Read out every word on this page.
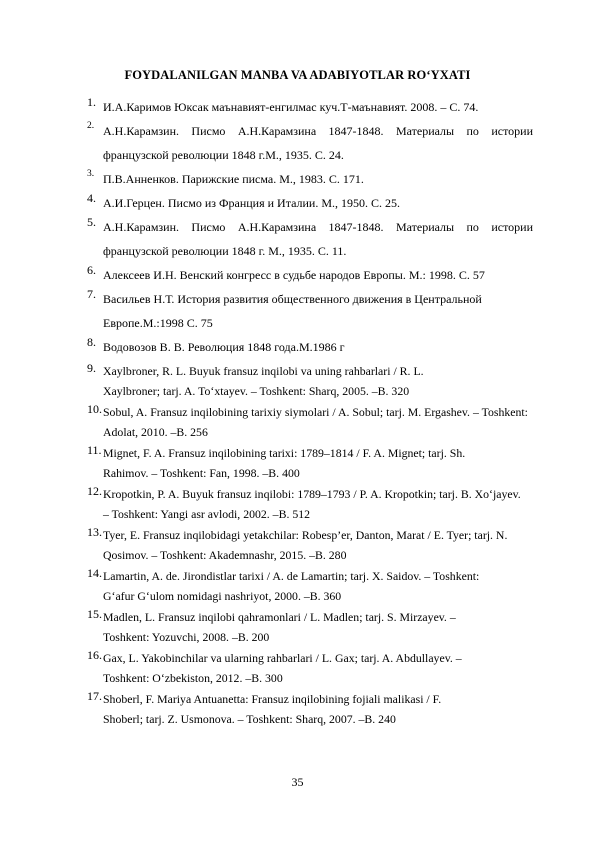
FOYDALANILGAN MANBA VA ADABIYOTLAR RO‘YXATI
1. И.А.Каримов Юксак маънавият-енгилмас куч.Т-маънавият. 2008. – С. 74.
2. А.Н.Карамзин. Писмо А.Н.Карамзина 1847-1848. Материалы по истории французской революции 1848 г.М., 1935. С. 24.
3. П.В.Анненков. Парижские писма. М., 1983. С. 171.
4. А.И.Герцен. Писмо из Франция и Италии. М., 1950. С. 25.
5. А.Н.Карамзин. Писмо А.Н.Карамзина 1847-1848. Материалы по истории французской революции 1848 г. М., 1935. С. 11.
6. Алексеев И.Н. Венский конгресс в судьбе народов Европы. М.: 1998. С. 57
7. Васильев Н.Т. История развития общественного движения в Центральной Европе.М.:1998 С. 75
8. Водовозов В. В. Революция 1848 года.М.1986 г
9. Xaylbroner, R. L. Buyuk fransuz inqilobi va uning rahbarlari / R. L. Xaylbroner; tarj. A. To‘xtayev. – Toshkent: Sharq, 2005. –B. 320
10. Sobul, A. Fransuz inqilobining tarixiy siymolari / A. Sobul; tarj. M. Ergashev. – Toshkent: Adolat, 2010. –B. 256
11. Mignet, F. A. Fransuz inqilobining tarixi: 1789–1814 / F. A. Mignet; tarj. Sh. Rahimov. – Toshkent: Fan, 1998. –B. 400
12. Kropotkin, P. A. Buyuk fransuz inqilobi: 1789–1793 / P. A. Kropotkin; tarj. B. Xo‘jayev. – Toshkent: Yangi asr avlodi, 2002. –B. 512
13. Tyer, E. Fransuz inqilobidagi yetakchilar: Robesp’er, Danton, Marat / E. Tyer; tarj. N. Qosimov. – Toshkent: Akademnashr, 2015. –B. 280
14. Lamartin, A. de. Jirondistlar tarixi / A. de Lamartin; tarj. X. Saidov. – Toshkent: G‘afur G‘ulom nomidagi nashriyot, 2000. –B. 360
15. Madlen, L. Fransuz inqilobi qahramonlari / L. Madlen; tarj. S. Mirzayev. – Toshkent: Yozuvchi, 2008. –B. 200
16. Gax, L. Yakobinchilar va ularning rahbarlari / L. Gax; tarj. A. Abdullayev. – Toshkent: O‘zbekiston, 2012. –B. 300
17. Shoberl, F. Mariya Antuanetta: Fransuz inqilobining fojiali malikasi / F. Shoberl; tarj. Z. Usmonova. – Toshkent: Sharq, 2007. –B. 240
35
